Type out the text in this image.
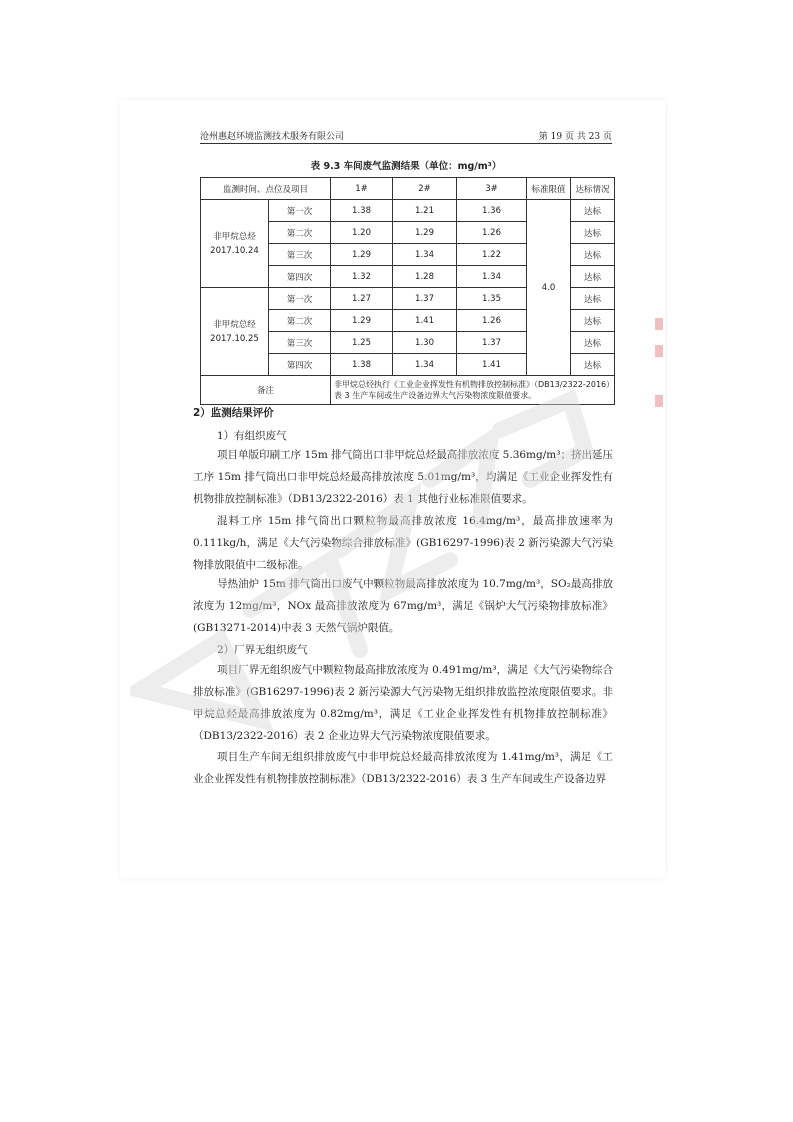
沧州惠赵环境监测技术服务有限公司	第 19 页 共 23 页
表 9.3 车间废气监测结果（单位：mg/m³）
监测时间、点位及项目		1#	2#	3#	标准限值	达标情况
非甲烷总烃
2017.10.24	第一次	1.38	1.21	1.36	4.0	达标
	第二次	1.20	1.29	1.26		达标
	第三次	1.29	1.34	1.22		达标
	第四次	1.32	1.28	1.34		达标
非甲烷总经
2017.10.25	第一次	1.27	1.37	1.35		达标
	第二次	1.29	1.41	1.26		达标
	第三次	1.25	1.30	1.37		达标
	第四次	1.38	1.34	1.41		达标
备注		非甲烷总烃执行《工业企业挥发性有机物排放控制标准》（DB13/2322-2016）表 3 生产车间或生产设备边界大气污染物浓度限值要求。				
2）监测结果评价
1）有组织废气
项目单版印刷工序 15m 排气筒出口非甲烷总烃最高排放浓度 5.36mg/m³；挤出延压工序 15m 排气筒出口非甲烷总烃最高排放浓度 5.01mg/m³，均满足《工业企业挥发性有机物排放控制标准》（DB13/2322-2016）表 1 其他行业标准限值要求。
混料工序 15m 排气筒出口颗粒物最高排放浓度 16.4mg/m³，最高排放速率为 0.111kg/h，满足《大气污染物综合排放标准》(GB16297-1996)表 2 新污染源大气污染物排放限值中二级标准。
导热油炉 15m 排气筒出口废气中颗粒物最高排放浓度为 10.7mg/m³，SO₂最高排放浓度为 12mg/m³，NOx 最高排放浓度为 67mg/m³，满足《锅炉大气污染物排放标准》(GB13271-2014)中表 3 天然气锅炉限值。
2）厂界无组织废气
项目厂界无组织废气中颗粒物最高排放浓度为 0.491mg/m³，满足《大气污染物综合排放标准》(GB16297-1996)表 2 新污染源大气污染物无组织排放监控浓度限值要求。非甲烷总烃最高排放浓度为 0.82mg/m³，满足《工业企业挥发性有机物排放控制标准》（DB13/2322-2016）表 2 企业边界大气污染物浓度限值要求。
项目生产车间无组织排放废气中非甲烷总烃最高排放浓度为 1.41mg/m³，满足《工业企业挥发性有机物排放控制标准》（DB13/2322-2016）表 3 生产车间或生产设备边界
